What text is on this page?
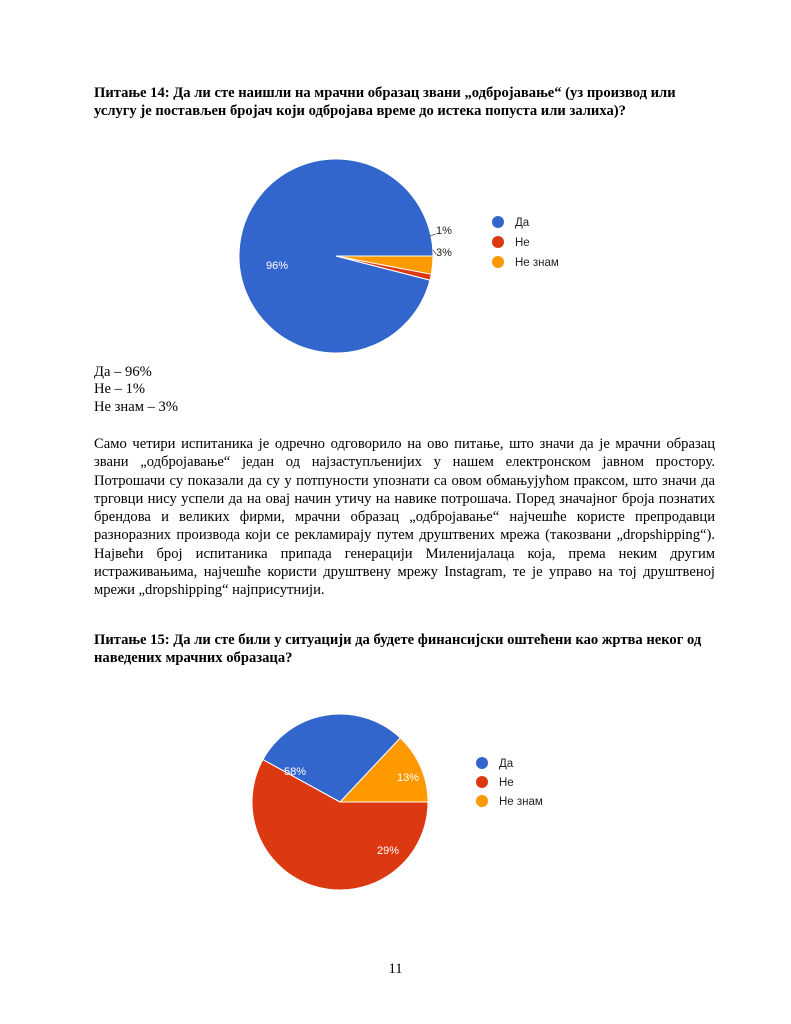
Питање 14: Да ли сте наишли на мрачни образац звани „одбројавање“ (уз производ или услугу је постављен бројач који одбројава време до истека попуста или залиха)?

96%
1%
3%
Да
Не
Не знам
Да – 96%
Не – 1%
Не знам – 3%

Само четири испитаника је одречно одговорило на ово питање, што значи да је мрачни образац звани „одбројавање“ један од најзаступљенијих у нашем електронском јавном простору. Потрошачи су показали да су у потпуности упознати са овом обмањујућом праксом, што значи да трговци нису успели да на овај начин утичу на навике потрошача. Поред значајног броја познатих брендова и великих фирми, мрачни образац „одбројавање“ најчешће користе препродавци разноразних производа који се рекламирају путем друштвених мрежа (такозвани „dropshipping“). Највећи број испитаника припада генерацији Миленијалаца која, према неким другим истраживањима, најчешће користи друштвену мрежу Instagram, те је управо на тој друштвеној мрежи „dropshipping“ најприсутнији.

Питање 15: Да ли сте били у ситуацији да будете финансијски оштећени као жртва неког од наведених мрачних образаца?

29%
58%	13%
Да
Не
Не знам
11
